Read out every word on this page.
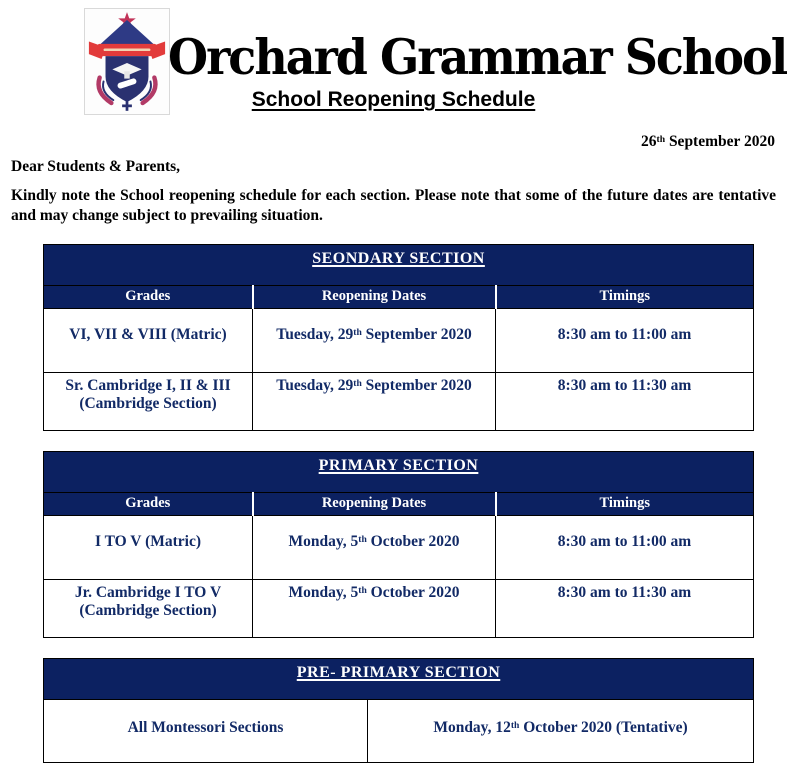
Orchard Grammar School
School Reopening Schedule
26th September 2020
Dear Students & Parents,
Kindly note the School reopening schedule for each section. Please note that some of the future dates are tentative and may change subject to prevailing situation.
SEONDARY SECTION		
Grades	Reopening Dates	Timings

VI, VII & VIII (Matric)	Tuesday, 29th September 2020	8:30 am to 11:00 am

Sr. Cambridge I, II & III
(Cambridge Section)	Tuesday, 29th September 2020	8:30 am to 11:30 am
PRIMARY SECTION		
Grades	Reopening Dates	Timings

I TO V (Matric)	Monday, 5th October 2020	8:30 am to 11:00 am

Jr. Cambridge I TO V
(Cambridge Section)	Monday, 5th October 2020	8:30 am to 11:30 am
PRE- PRIMARY SECTION
All Montessori Sections	Monday, 12th October 2020 (Tentative)
